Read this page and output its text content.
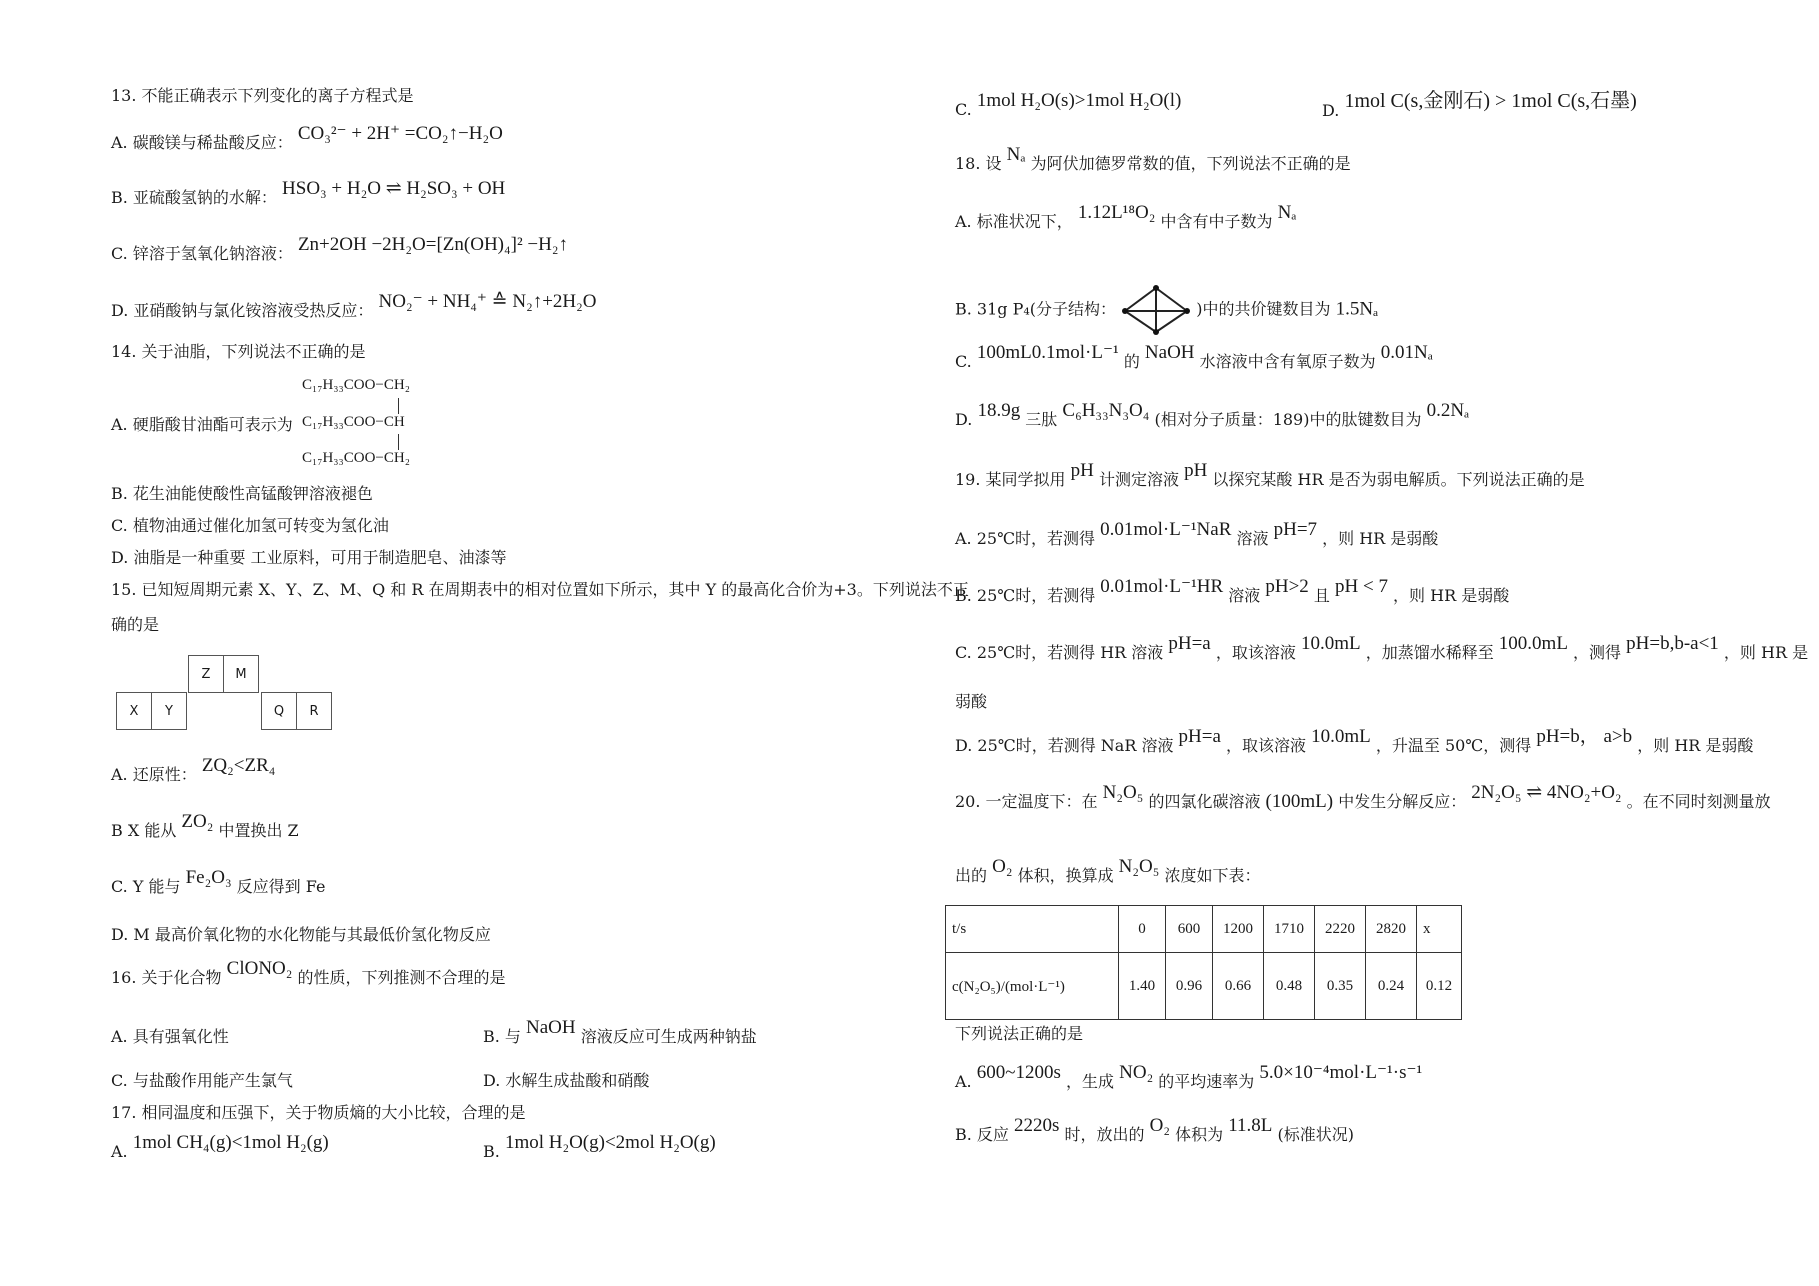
13. 不能正确表示下列变化的离子方程式是
A. 碳酸镁与稀盐酸反应： CO₃²⁻ + 2H⁺ =CO₂↑−H₂O
B. 亚硫酸氢钠的水解： HSO₃ + H₂O ⇌ H₂SO₃ + OH
C. 锌溶于氢氧化钠溶液： Zn+2OH −2H₂O=[Zn(OH)₄]² −H₂↑
D. 亚硝酸钠与氯化铵溶液受热反应： NO₂⁻ + NH₄⁺ ≙ N₂↑+2H₂O
14. 关于油脂，下列说法不正确的是
C₁₇H₃₃COO−CH₂
A. 硬脂酸甘油酯可表示为 C₁₇H₃₃COO−CH
C₁₇H₃₃COO−CH₂
B. 花生油能使酸性高锰酸钾溶液褪色
C. 植物油通过催化加氢可转变为氢化油
D. 油脂是一种重要 工业原料，可用于制造肥皂、油漆等
15. 已知短周期元素 X、Y、Z、M、Q 和 R 在周期表中的相对位置如下所示，其中 Y 的最高化合价为+3。下列说法不正
确的是
Z	M
X	Y	Q	R
A. 还原性： ZQ₂<ZR₄
B X 能从 ZO₂ 中置换出 Z
C. Y 能与 Fe₂O₃ 反应得到 Fe
D. M 最高价氧化物的水化物能与其最低价氢化物反应
16. 关于化合物 ClONO₂ 的性质，下列推测不合理的是
A. 具有强氧化性	B. 与 NaOH 溶液反应可生成两种钠盐
C. 与盐酸作用能产生氯气	D. 水解生成盐酸和硝酸
17. 相同温度和压强下，关于物质熵的大小比较，合理的是
A. 1mol CH₄(g)<1mol H₂(g)	B. 1mol H₂O(g)<2mol H₂O(g)
C. 1mol H₂O(s)>1mol H₂O(l)	D. 1mol C(s,金刚石) > 1mol C(s,石墨)
18. 设 Nₐ 为阿伏加德罗常数的值，下列说法不正确的是
A. 标准状况下， 1.12L¹⁸O₂ 中含有中子数为 Nₐ
B. 31g P₄(分子结构：	)中的共价键数目为 1.5Nₐ
C. 100mL0.1mol·L⁻¹ 的 NaOH 水溶液中含有氧原子数为 0.01Nₐ
D. 18.9g 三肽 C₆H₃₃N₃O₄ (相对分子质量：189)中的肽键数目为 0.2Nₐ
19. 某同学拟用 pH 计测定溶液 pH 以探究某酸 HR 是否为弱电解质。下列说法正确的是
A. 25℃时，若测得 0.01mol·L⁻¹NaR 溶液 pH=7 ，则 HR 是弱酸
B. 25℃时，若测得 0.01mol·L⁻¹HR 溶液 pH>2 且 pH < 7 ，则 HR 是弱酸
C. 25℃时，若测得 HR 溶液 pH=a ，取该溶液 10.0mL ，加蒸馏水稀释至 100.0mL ，测得 pH=b,b-a<1 ，则 HR 是
弱酸
D. 25℃时，若测得 NaR 溶液 pH=a ，取该溶液 10.0mL ，升温至 50℃，测得 pH=b， a>b ，则 HR 是弱酸
20. 一定温度下：在 N₂O₅ 的四氯化碳溶液 (100mL) 中发生分解反应： 2N₂O₅ ⇌ 4NO₂+O₂ 。在不同时刻测量放
出的 O₂ 体积，换算成 N₂O₅ 浓度如下表：
t/s	0	600	1200	1710	2220	2820	x
c(N₂O₅)/(mol·L⁻¹)	1.40	0.96	0.66	0.48	0.35	0.24	0.12
下列说法正确的是
A. 600~1200s ，生成 NO₂ 的平均速率为 5.0×10⁻⁴mol·L⁻¹·s⁻¹
B. 反应 2220s 时，放出的 O₂ 体积为 11.8L (标准状况)
